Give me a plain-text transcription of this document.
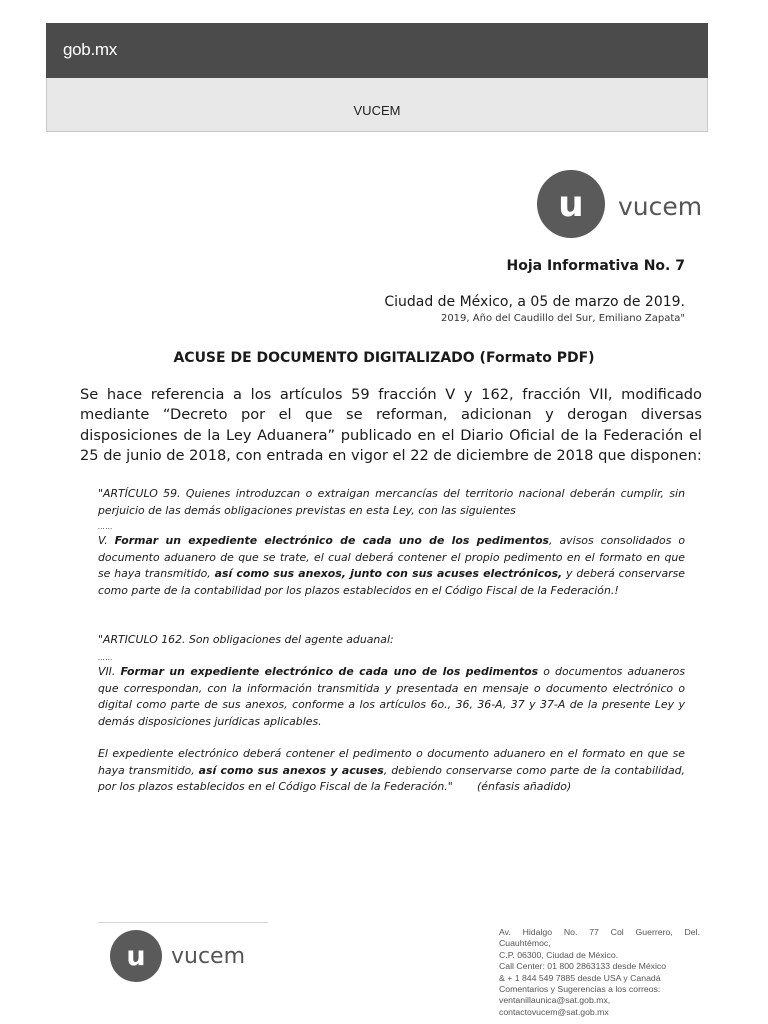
gob.mx
VUCEM
u	vucem
Hoja Informativa No. 7
Ciudad de México, a 05 de marzo de 2019.
2019, Año del Caudillo del Sur, Emiliano Zapata"
ACUSE DE DOCUMENTO DIGITALIZADO (Formato PDF)

Se hace referencia a los artículos 59 fracción V y 162, fracción VII, modificado mediante “Decreto por el que se reforman, adicionan y derogan diversas disposiciones de la Ley Aduanera” publicado en el Diario Oficial de la Federación el 25 de junio de 2018, con entrada en vigor el 22 de diciembre de 2018 que disponen:

"ARTÍCULO 59. Quienes introduzcan o extraigan mercancías del territorio nacional deberán cumplir, sin perjuicio de las demás obligaciones previstas en esta Ley, con las siguientes

……

V. Formar un expediente electrónico de cada uno de los pedimentos, avisos consolidados o documento aduanero de que se trate, el cual deberá contener el propio pedimento en el formato en que se haya transmitido, así como sus anexos, junto con sus acuses electrónicos, y deberá conservarse como parte de la contabilidad por los plazos establecidos en el Código Fiscal de la Federación.!

"ARTICULO 162. Son obligaciones del agente aduanal:

……

VII. Formar un expediente electrónico de cada uno de los pedimentos o documentos aduaneros que correspondan, con la información transmitida y presentada en mensaje o documento electrónico o digital como parte de sus anexos, conforme a los artículos 6o., 36, 36-A, 37 y 37-A de la presente Ley y demás disposiciones jurídicas aplicables.

El expediente electrónico deberá contener el pedimento o documento aduanero en el formato en que se haya transmitido, así como sus anexos y acuses, debiendo conservarse como parte de la contabilidad, por los plazos establecidos en el Código Fiscal de la Federación." (énfasis añadido)

u	vucem
Av. Hidalgo No. 77 Col Guerrero, Del.
Cuauhtémoc,
C.P. 06300, Ciudad de México.
Call Center: 01 800 2863133 desde México
& + 1 844 549 7885 desde USA y Canadá
Comentarios y Sugerencias a los correos:
ventanillaunica@sat.gob.mx,
contactovucem@sat.gob.mx
